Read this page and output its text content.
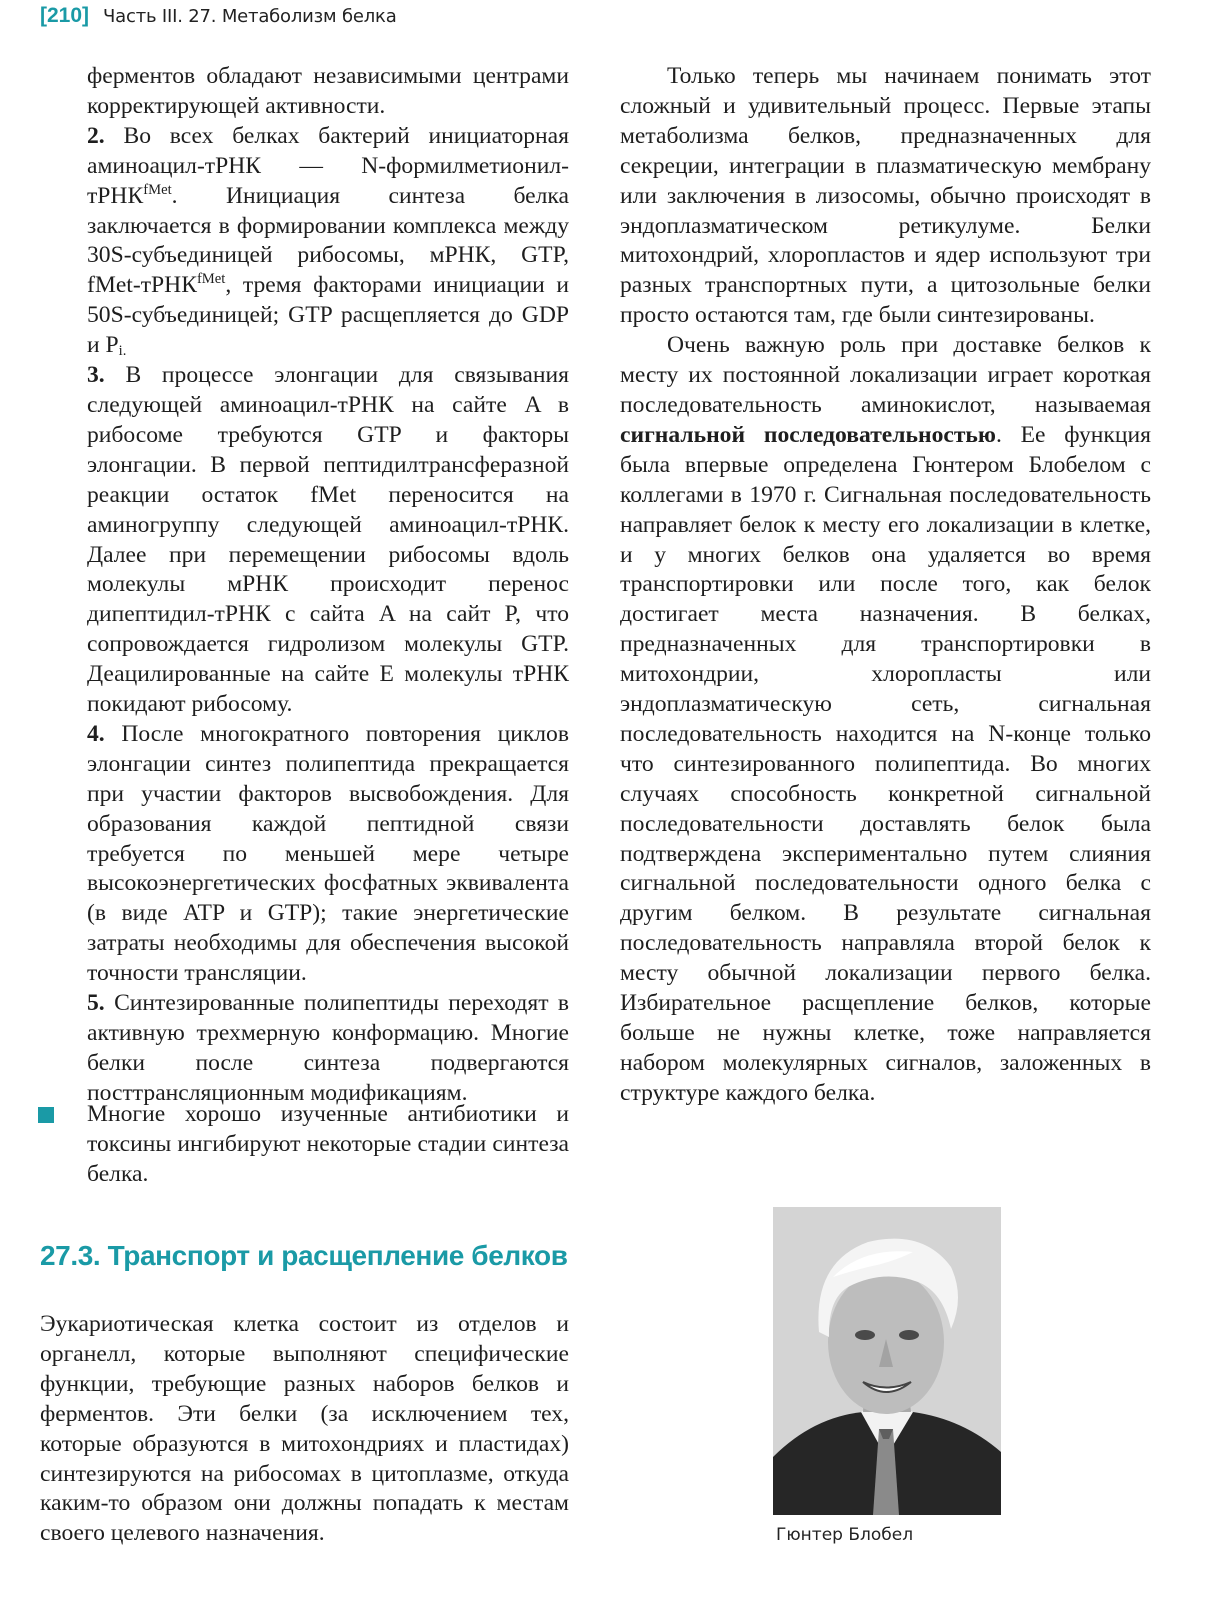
[210] Часть III. 27. Метаболизм белка

ферментов обладают независимыми центрами корректирующей активности.

2. Во всех белках бактерий инициаторная аминоацил-тРНК — N-формилметионил-тРНК$^{fMet}$. Инициация синтеза белка заключается в формировании комплекса между 30S-субъединицей рибосомы, мРНК, GTP, fMet-тРНК$^{fMet}$, тремя факторами инициации и 50S-субъединицей; GTP расщепляется до GDP и $P_{i.}$

3. В процессе элонгации для связывания следующей аминоацил-тРНК на сайте A в рибосоме требуются GTP и факторы элонгации. В первой пептидилтрансферазной реакции остаток fMet переносится на аминогруппу следующей аминоацил-тРНК. Далее при перемещении рибосомы вдоль молекулы мРНК происходит перенос дипептидил-тРНК с сайта A на сайт P, что сопровождается гидролизом молекулы GTP. Деацилированные на сайте E молекулы тРНК покидают рибосому.

4. После многократного повторения циклов элонгации синтез полипептида прекращается при участии факторов высвобождения. Для образования каждой пептидной связи требуется по меньшей мере четыре высокоэнергетических фосфатных эквивалента (в виде ATP и GTP); такие энергетические затраты необходимы для обеспечения высокой точности трансляции.

5. Синтезированные полипептиды переходят в активную трехмерную конформацию. Многие белки после синтеза подвергаются посттрансляционным модификациям.

Многие хорошо изученные антибиотики и токсины ингибируют некоторые стадии синтеза белка.
27.3. Транспорт и расщепление белков
Эукариотическая клетка состоит из отделов и органелл, которые выполняют специфические функции, требующие разных наборов белков и ферментов. Эти белки (за исключением тех, которые образуются в митохондриях и пластидах) синтезируются на рибосомах в цитоплазме, откуда каким-то образом они должны попадать к местам своего целевого назначения.

Только теперь мы начинаем понимать этот сложный и удивительный процесс. Первые этапы метаболизма белков, предназначенных для секреции, интеграции в плазматическую мембрану или заключения в лизосомы, обычно происходят в эндоплазматическом ретикулуме. Белки митохондрий, хлоропластов и ядер используют три разных транспортных пути, а цитозольные белки просто остаются там, где были синтезированы.

Очень важную роль при доставке белков к месту их постоянной локализации играет короткая последовательность аминокислот, называемая сигнальной последовательностью. Ее функция была впервые определена Гюнтером Блобелом с коллегами в 1970 г. Сигнальная последовательность направляет белок к месту его локализации в клетке, и у многих белков она удаляется во время транспортировки или после того, как белок достигает места назначения. В белках, предназначенных для транспортировки в митохондрии, хлоропласты или эндоплазматическую сеть, сигнальная последовательность находится на N-конце только что синтезированного полипептида. Во многих случаях способность конкретной сигнальной последовательности доставлять белок была подтверждена экспериментально путем слияния сигнальной последовательности одного белка с другим белком. В результате сигнальная последовательность направляла второй белок к месту обычной локализации первого белка. Избирательное расщепление белков, которые больше не нужны клетке, тоже направляется набором молекулярных сигналов, заложенных в структуре каждого белка.

Гюнтер Блобел
